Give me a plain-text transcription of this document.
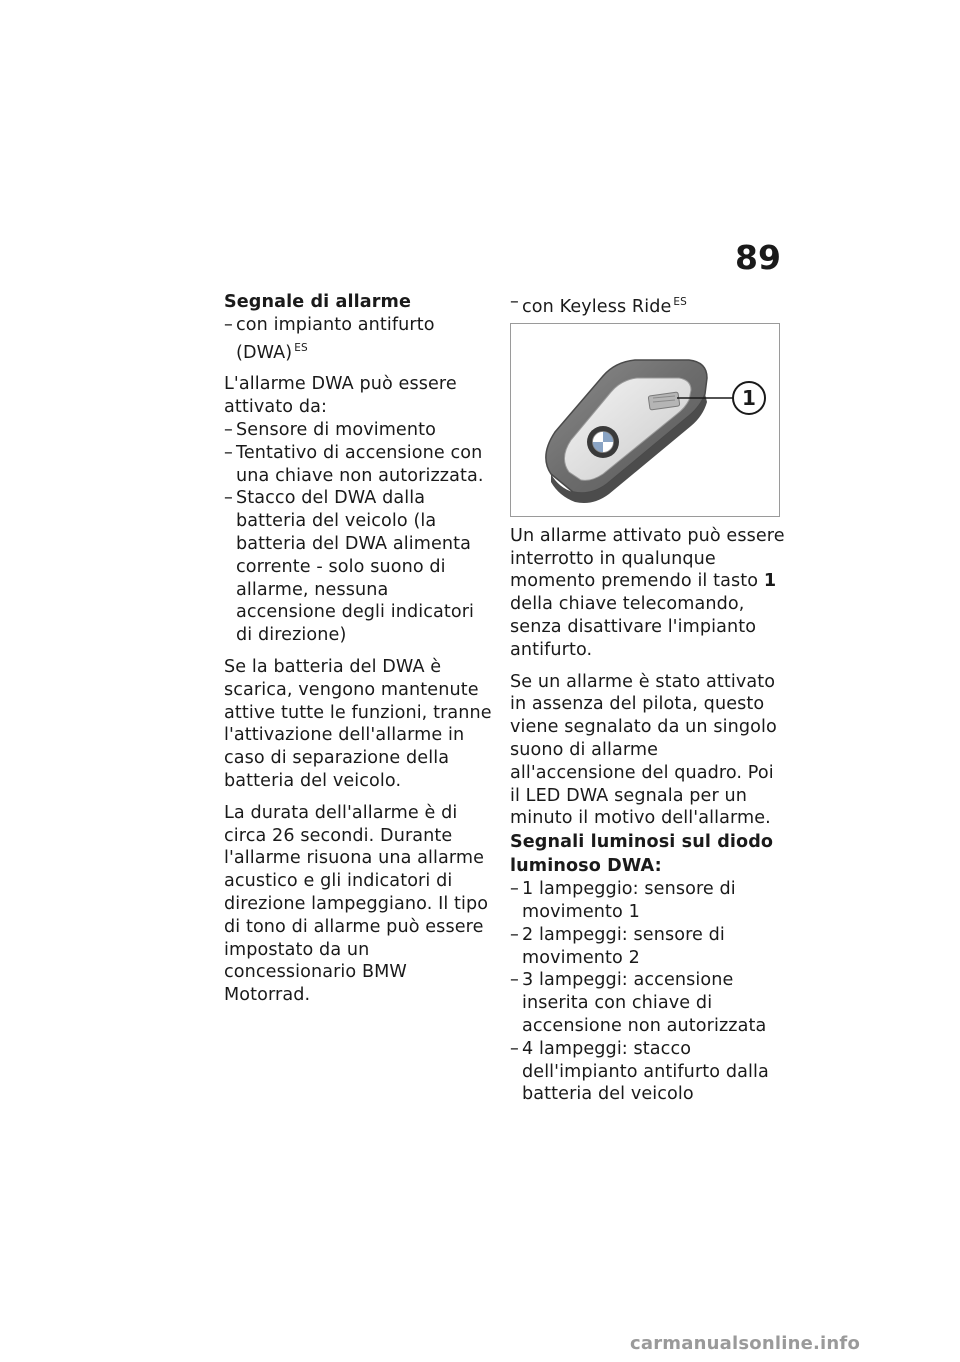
89

Segnale di allarme

– con impianto antifurto (DWA) $^{ES}$

L'allarme DWA può essere attivato da:

– Sensore di movimento
– Tentativo di accensione con una chiave non autorizzata.
– Stacco del DWA dalla batteria del veicolo (la batteria del DWA alimenta corrente - solo suono di allarme, nessuna accensione degli indicatori di direzione)

Se la batteria del DWA è scarica, vengono mantenute attive tutte le funzioni, tranne l'attivazione dell'allarme in caso di separazione della batteria del veicolo.

La durata dell'allarme è di circa 26 secondi. Durante l'allarme risuona una allarme acustico e gli indicatori di direzione lampeggiano. Il tipo di tono di allarme può essere impostato da un concessionario BMW Motorrad.

– con Keyless Ride $^{ES}$
1

Un allarme attivato può essere interrotto in qualunque momento premendo il tasto 1 della chiave telecomando, senza disattivare l'impianto antifurto.

Se un allarme è stato attivato in assenza del pilota, questo viene segnalato da un singolo suono di allarme all'accensione del quadro. Poi il LED DWA segnala per un minuto il motivo dell'allarme.

Segnali luminosi sul diodo luminoso DWA:

– 1 lampeggio: sensore di movimento 1
– 2 lampeggi: sensore di movimento 2
– 3 lampeggi: accensione inserita con chiave di accensione non autorizzata
– 4 lampeggi: stacco dell'impianto antifurto dalla batteria del veicolo
carmanualsonline.info
